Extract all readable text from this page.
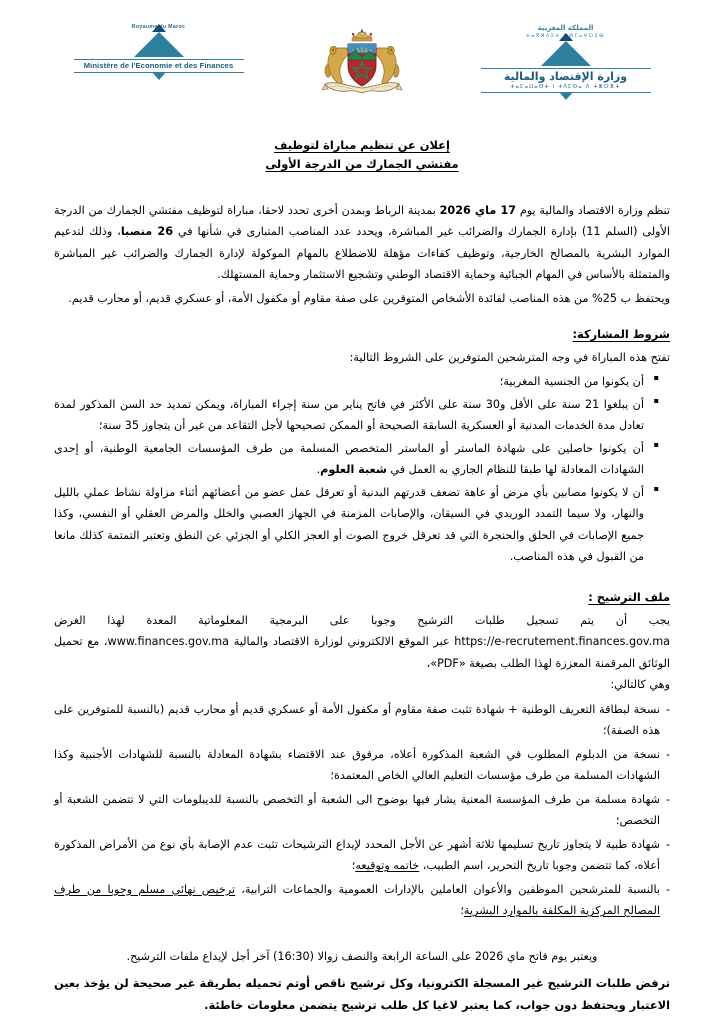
Royaume du Maroc
Ministère de l'Economie et des Finances
المملكة المغربية
ⵜⴰⴳⵍⴷⵉⵜ ⵏ ⵍⵎⴰⵖⵔⵉⴱ
وزارة الإقتصاد والمالية
ⵜⴰⵎⴰⵡⴰⵙⵜ ⵏ ⵜⴷⵎⵙⴰ ⴷ ⵜⵣⵔⴼⵜ
إعلان عن تنظيم مباراة لتوظيف
مفتشي الجمارك من الدرجة الأولى

تنظم وزارة الاقتصاد والمالية يوم 17 ماي 2026 بمدينة الرباط وبمدن أخرى تحدد لاحقا، مباراة لتوظيف مفتشي الجمارك من الدرجة الأولى (السلم 11) بإدارة الجمارك والضرائب غير المباشرة، ويحدد عدد المناصب المتبارى في شأنها في 26 منصبا، وذلك لتدعيم الموارد البشرية بالمصالح الخارجية، وتوظيف كفاءات مؤهلة للاضطلاع بالمهام الموكولة لإدارة الجمارك والضرائب غير المباشرة والمتمثلة بالأساس في المهام الجبائية وحماية الاقتصاد الوطني وتشجيع الاستثمار وحماية المستهلك.

ويحتفظ ب 25% من هذه المناصب لفائدة الأشخاص المتوفرين على صفة مقاوم أو مكفول الأمة، أو عسكري قديم، أو محارب قديم.

شروط المشاركة:

تفتح هذه المباراة في وجه المترشحين المتوفرين على الشروط التالية:

▪ أن يكونوا من الجنسية المغربية؛
▪ أن يبلغوا 21 سنة على الأقل و30 سنة على الأكثر في فاتح يناير من سنة إجراء المباراة، ويمكن تمديد حد السن المذكور لمدة تعادل مدة الخدمات المدنية أو العسكرية السابقة الصحيحة أو الممكن تصحيحها لأجل التقاعد من غير أن يتجاوز 35 سنة؛
▪ أن يكونوا حاصلين على شهادة الماستر أو الماستر المتخصص المسلمة من طرف المؤسسات الجامعية الوطنية، أو إحدى الشهادات المعادلة لها طبقا للنظام الجاري به العمل في شعبة العلوم.
▪ أن لا يكونوا مصابين بأي مرض أو عاهة تضعف قدرتهم البدنية أو تعرقل عمل عضو من أعضائهم أثناء مزاولة نشاط عملي بالليل والنهار، ولا سيما التمدد الوريدي في السيقان، والإصابات المزمنة في الجهاز العصبي والخلل والمرض العقلي أو النفسي، وكذا جميع الإصابات في الحلق والحنجرة التي قد تعرقل خروج الصوت أو العجز الكلي أو الجزئي عن النطق وتعتبر التمتمة كذلك مانعا من القبول في هذه المناصب.
ملف الترشيح :

يجب أن يتم تسجيل طلبات الترشيح وجوبا على البرمجية المعلوماتية المعدة لهذا الغرض https://e-recrutement.finances.gov.ma عبر الموقع الالكتروني لوزارة الاقتصاد والمالية www.finances.gov.ma، مع تحميل الوثائق المرقمنة المعززة لهذا الطلب بصيغة «PDF»،

وهي كالتالي:

- نسخة لبطاقة التعريف الوطنية + شهادة تثبت صفة مقاوم أو مكفول الأمة أو عسكري قديم أو محارب قديم (بالنسبة للمتوفرين على هذه الصفة)؛
- نسخة من الدبلوم المطلوب في الشعبة المذكورة أعلاه، مرفوق عند الاقتضاء بشهادة المعادلة بالنسبة للشهادات الأجنبية وكذا الشهادات المسلمة من طرف مؤسسات التعليم العالي الخاص المعتمدة؛
- شهادة مسلمة من طرف المؤسسة المعنية يشار فيها بوضوح الى الشعبة أو التخصص بالنسبة للديبلومات التي لا تتضمن الشعبة أو التخصص؛
- شهادة طبية لا يتجاوز تاريخ تسليمها ثلاثة أشهر عن الأجل المحدد لإيداع الترشيحات تثبت عدم الإصابة بأي نوع من الأمراض المذكورة أعلاه، كما تتضمن وجوبا تاريخ التحرير، اسم الطبيب، خاتمه وتوقيعه؛
- بالنسبة للمترشحين الموظفين والأعوان العاملين بالإدارات العمومية والجماعات الترابية، ترخيص نهائي مسلم وجوبا من طرف المصالح المركزية المكلفة بالموارد البشرية؛

ويعتبر يوم فاتح ماي 2026 على الساعة الرابعة والنصف زوالا (16:30) آخر أجل لإيداع ملفات الترشيح.

ترفض طلبات الترشيح غير المسجلة الكترونيا، وكل ترشيح ناقص أوتم تحميله بطريقة غير صحيحة لن يؤخذ بعين الاعتبار ويحتفظ دون جواب، كما يعتبر لاغيا كل طلب ترشيح يتضمن معلومات خاطئة.
